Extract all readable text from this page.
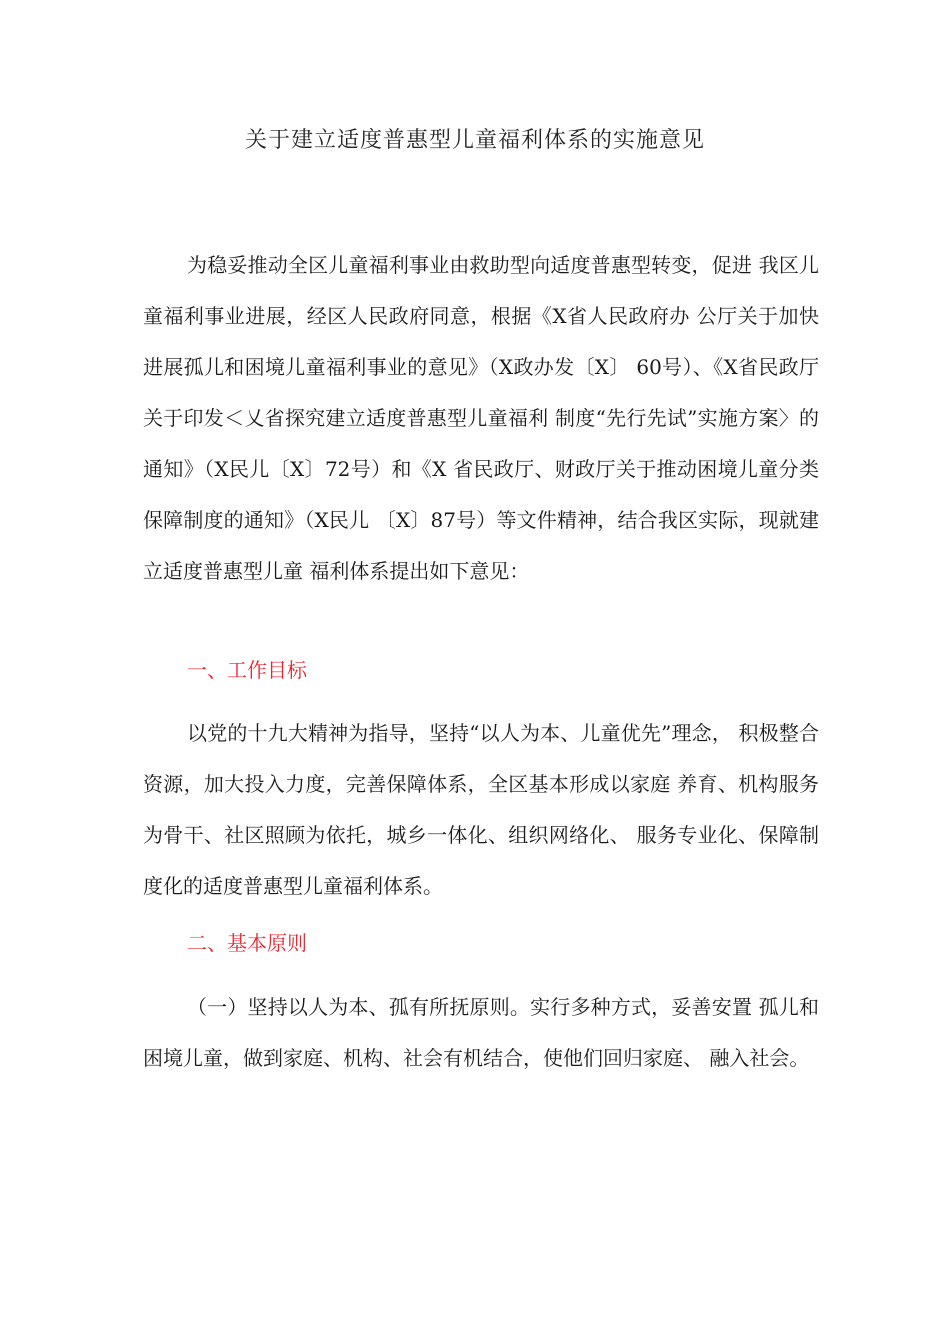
关于建立适度普惠型儿童福利体系的实施意见

为稳妥推动全区儿童福利事业由救助型向适度普惠型转变，促进 我区儿童福利事业进展，经区人民政府同意，根据《X省人民政府办 公厅关于加快进展孤儿和困境儿童福利事业的意见》（X政办发〔X〕 60号）、《X省民政厅关于印发＜乂省探究建立适度普惠型儿童福利 制度“先行先试”实施方案〉的通知》（X民儿〔X〕72号）和《X 省民政厅、财政厅关于推动困境儿童分类保障制度的通知》（X民儿 〔X〕87号）等文件精神，结合我区实际，现就建立适度普惠型儿童 福利体系提出如下意见：

一、工作目标

以党的十九大精神为指导，坚持“以人为本、儿童优先”理念， 积极整合资源，加大投入力度，完善保障体系，全区基本形成以家庭 养育、机构服务为骨干、社区照顾为依托，城乡一体化、组织网络化、 服务专业化、保障制度化的适度普惠型儿童福利体系。

二、基本原则

（一）坚持以人为本、孤有所抚原则。实行多种方式，妥善安置 孤儿和困境儿童，做到家庭、机构、社会有机结合，使他们回归家庭、 融入社会。
